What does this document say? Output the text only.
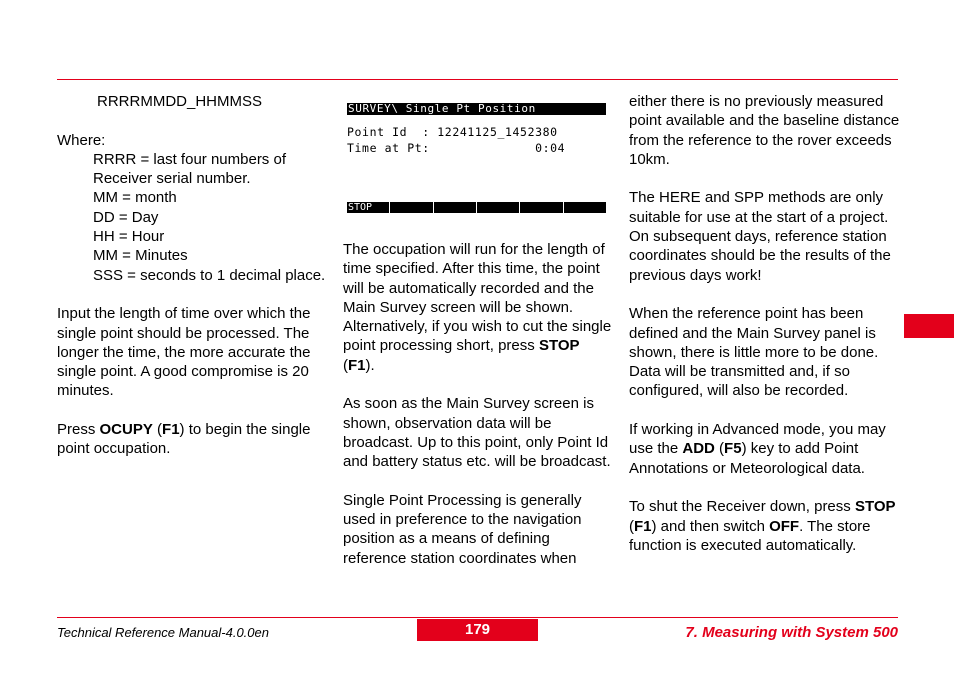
RRRRMMDD_HHMMSS

Where:
RRRR = last four numbers of Receiver serial number.
MM = month
DD = Day
HH = Hour
MM = Minutes
SSS = seconds to 1 decimal place.

Input the length of time over which the single point should be processed. The longer the time, the more accurate the single point. A good compromise is 20 minutes.

Press OCUPY (F1) to begin the single point occupation.

SURVEY\ Single Pt Position
Point Id  : 12241125_1452380
Time at Pt:              0:04
STOP

The occupation will run for the length of time specified. After this time, the point will be automatically recorded and the Main Survey screen will be shown. Alternatively, if you wish to cut the single point processing short, press STOP (F1).

As soon as the Main Survey screen is shown, observation data will be broadcast. Up to this point, only Point Id and battery status etc. will be broadcast.

Single Point Processing is generally used in preference to the navigation position as a means of defining reference station coordinates when

either there is no previously measured point available and the baseline distance from the reference to the rover exceeds 10km.

The HERE and SPP methods are only suitable for use at the start of a project. On subsequent days, reference station coordinates should be the results of the previous days work!

When the reference point has been defined and the Main Survey panel is shown, there is little more to be done. Data will be transmitted and, if so configured, will also be recorded.

If working in Advanced mode, you may use the ADD (F5) key to add Point Annotations or Meteorological data.

To shut the Receiver down, press STOP (F1) and then switch OFF. The store function is executed automatically.

Technical Reference Manual-4.0.0en	179	7. Measuring with System 500
